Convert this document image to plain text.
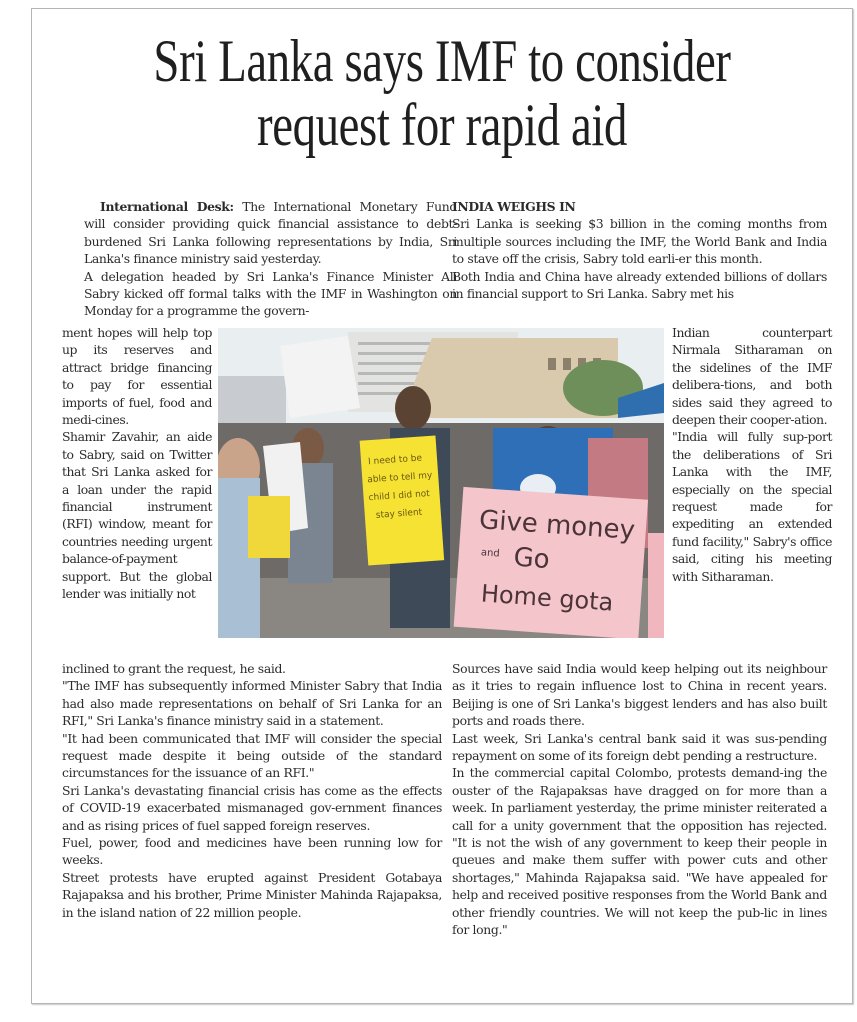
Sri Lanka says IMF to consider
request for rapid aid

International Desk: The International Monetary Fund will consider providing quick financial assistance to debt-burdened Sri Lanka following representations by India, Sri Lanka's finance ministry said yesterday.

A delegation headed by Sri Lanka's Finance Minister Ali Sabry kicked off formal talks with the IMF in Washington on Monday for a programme the govern-

ment hopes will help top up its reserves and attract bridge financing to pay for essential imports of fuel, food and medi-cines.

Shamir Zavahir, an aide to Sabry, said on Twitter that Sri Lanka asked for a loan under the rapid financial instrument (RFI) window, meant for countries needing urgent balance-of-payment support. But the global lender was initially not

inclined to grant the request, he said.

"The IMF has subsequently informed Minister Sabry that India had also made representations on behalf of Sri Lanka for an RFI," Sri Lanka's finance ministry said in a statement.

"It had been communicated that IMF will consider the special request made despite it being outside of the standard circumstances for the issuance of an RFI."

Sri Lanka's devastating financial crisis has come as the effects of COVID-19 exacerbated mismanaged gov-ernment finances and as rising prices of fuel sapped foreign reserves.

Fuel, power, food and medicines have been running low for weeks.

Street protests have erupted against President Gotabaya Rajapaksa and his brother, Prime Minister Mahinda Rajapaksa, in the island nation of 22 million people.

INDIA WEIGHS IN

Sri Lanka is seeking $3 billion in the coming months from multiple sources including the IMF, the World Bank and India to stave off the crisis, Sabry told earli-er this month.

Both India and China have already extended billions of dollars in financial support to Sri Lanka. Sabry met his

Indian counterpart Nirmala Sitharaman on the sidelines of the IMF delibera-tions, and both sides said they agreed to deepen their cooper-ation.

"India will fully sup-port the deliberations of Sri Lanka with the IMF, especially on the special request made for expediting an extended fund facility," Sabry's office said, citing his meeting with Sitharaman.

Sources have said India would keep helping out its neighbour as it tries to regain influence lost to China in recent years. Beijing is one of Sri Lanka's biggest lenders and has also built ports and roads there.

Last week, Sri Lanka's central bank said it was sus-pending repayment on some of its foreign debt pending a restructure.

In the commercial capital Colombo, protests demand-ing the ouster of the Rajapaksas have dragged on for more than a week. In parliament yesterday, the prime minister reiterated a call for a unity government that the opposition has rejected. "It is not the wish of any government to keep their people in queues and make them suffer with power cuts and other shortages," Mahinda Rajapaksa said. "We have appealed for help and received positive responses from the World Bank and other friendly countries. We will not keep the pub-lic in lines for long."

I need to be
able to tell my
child I did not
stay silent Give money
and Go
Home gota
